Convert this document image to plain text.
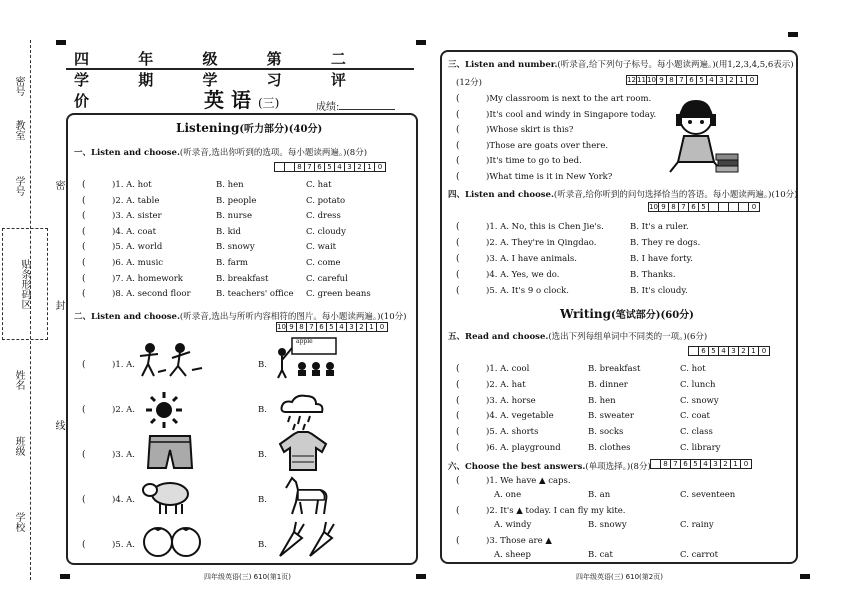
密号
教室
学号
贴条形码区
姓名
班级
学校
密
封
线
四 年 级 第 二 学 期 学 习 评 价	英 语 (三)	成绩:
Listening(听力部分)(40分)
一、Listen and choose.(听录音,选出你听到的选项。每小题读两遍。)(8分)
8 7 6 5 4 3 2 1 0
(	)1. A. hot	B. hen	C. hat
(	)2. A. table	B. people	C. potato
(	)3. A. sister	B. nurse	C. dress
(	)4. A. coat	B. kid	C. cloudy
(	)5. A. world	B. snowy	C. wait
(	)6. A. music	B. farm	C. come
(	)7. A. homework	B. breakfast	C. careful
(	)8. A. second floor	B. teachers' office C. green beans
二、Listen and choose.(听录音,选出与所听内容相符的图片。每小题读两遍。)(10分)
10 9 8 7 6 5 4 3 2 1 0
(	)1. A.	B.
(	)2. A.	B.
(	)3. A.	B.
(	)4. A.	B.
(	)5. A.	B.
apple
四年级英语(三) 610(第1页)
三、Listen and number.(听录音,给下列句子标号。每小题读两遍。)(用1,2,3,4,5,6表示)
(12分)	12 11 10 9 8 7 6 5 4 3 2 1 0
(	)My classroom is next to the art room.
(	)It's cool and windy in Singapore today.
(	)Whose skirt is this?
(	)Those are goats over there.
(	)It's time to go to bed.
(	)What time is it in New York?
四、Listen and choose.(听录音,给你听到的问句选择恰当的答语。每小题读两遍。)(10分)
10 9 8 7 6 5	0
(	)1. A. No, this is Chen Jie's.	B. It's a ruler.
(	)2. A. They're in Qingdao.	B. They re dogs.
(	)3. A. I have animals.	B. I have forty.
(	)4. A. Yes, we do.	B. Thanks.
(	)5. A. It's 9 o clock.	B. It's cloudy.
Writing(笔试部分)(60分)
五、Read and choose.(选出下列每组单词中不同类的一项。)(6分)
6 5 4 3 2 1 0
(	)1. A. cool	B. breakfast	C. hot
(	)2. A. hat	B. dinner	C. lunch
(	)3. A. horse	B. hen	C. snowy
(	)4. A. vegetable	B. sweater	C. coat
(	)5. A. shorts	B. socks	C. class
(	)6. A. playground	B. clothes	C. library
六、Choose the best answers.(单项选择。)(8分)	8 7 6 5 4 3 2 1 0
(	)1. We have ▲ caps.
A. one	B. an	C. seventeen
(	)2. It's ▲ today. I can fly my kite.
A. windy	B. snowy	C. rainy
(	)3. Those are ▲
A. sheep	B. cat	C. carrot
四年级英语(三) 610(第2页)
